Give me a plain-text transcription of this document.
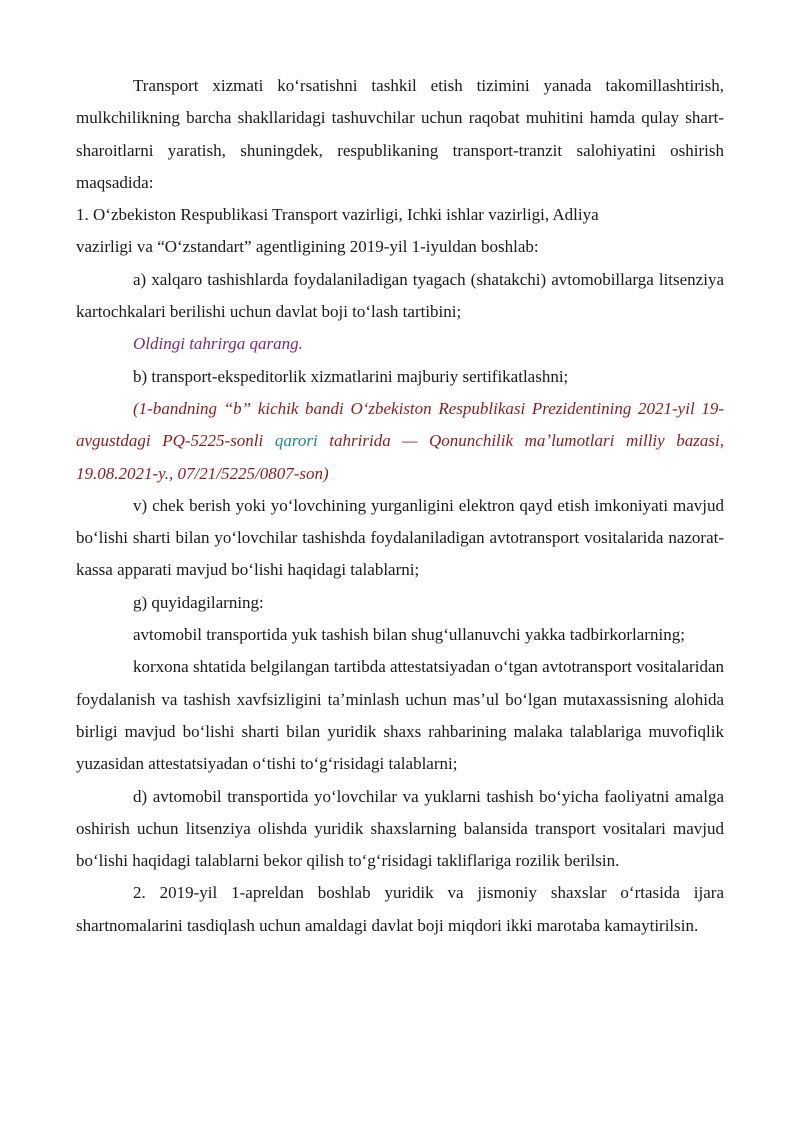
Transport xizmati koʻrsatishni tashkil etish tizimini yanada takomillashtirish, mulkchilikning barcha shakllaridagi tashuvchilar uchun raqobat muhitini hamda qulay shart-sharoitlarni yaratish, shuningdek, respublikaning transport-tranzit salohiyatini oshirish maqsadida:

1. Oʻzbekiston Respublikasi Transport vazirligi, Ichki ishlar vazirligi, Adliya

vazirligi va “Oʻzstandart” agentligining 2019-yil 1-iyuldan boshlab:

a) xalqaro tashishlarda foydalaniladigan tyagach (shatakchi) avtomobillarga litsenziya kartochkalari berilishi uchun davlat boji toʻlash tartibini;

Oldingi tahrirga qarang.

b) transport-ekspeditorlik xizmatlarini majburiy sertifikatlashni;

(1-bandning “b” kichik bandi Oʻzbekiston Respublikasi Prezidentining 2021-yil 19-avgustdagi PQ-5225-sonli qarori tahririda — Qonunchilik maʼlumotlari milliy bazasi, 19.08.2021-y., 07/21/5225/0807-son)

v) chek berish yoki yoʻlovchining yurganligini elektron qayd etish imkoniyati mavjud boʻlishi sharti bilan yoʻlovchilar tashishda foydalaniladigan avtotransport vositalarida nazorat-kassa apparati mavjud boʻlishi haqidagi talablarni;

g) quyidagilarning:

avtomobil transportida yuk tashish bilan shugʻullanuvchi yakka tadbirkorlarning;

korxona shtatida belgilangan tartibda attestatsiyadan oʻtgan avtotransport vositalaridan foydalanish va tashish xavfsizligini taʼminlash uchun masʼul boʻlgan mutaxassisning alohida birligi mavjud boʻlishi sharti bilan yuridik shaxs rahbarining malaka talablariga muvofiqlik yuzasidan attestatsiyadan oʻtishi toʻgʻrisidagi talablarni;

d) avtomobil transportida yoʻlovchilar va yuklarni tashish boʻyicha faoliyatni amalga oshirish uchun litsenziya olishda yuridik shaxslarning balansida transport vositalari mavjud boʻlishi haqidagi talablarni bekor qilish toʻgʻrisidagi takliflariga rozilik berilsin.

2. 2019-yil 1-apreldan boshlab yuridik va jismoniy shaxslar oʻrtasida ijara shartnomalarini tasdiqlash uchun amaldagi davlat boji miqdori ikki marotaba kamaytirilsin.
